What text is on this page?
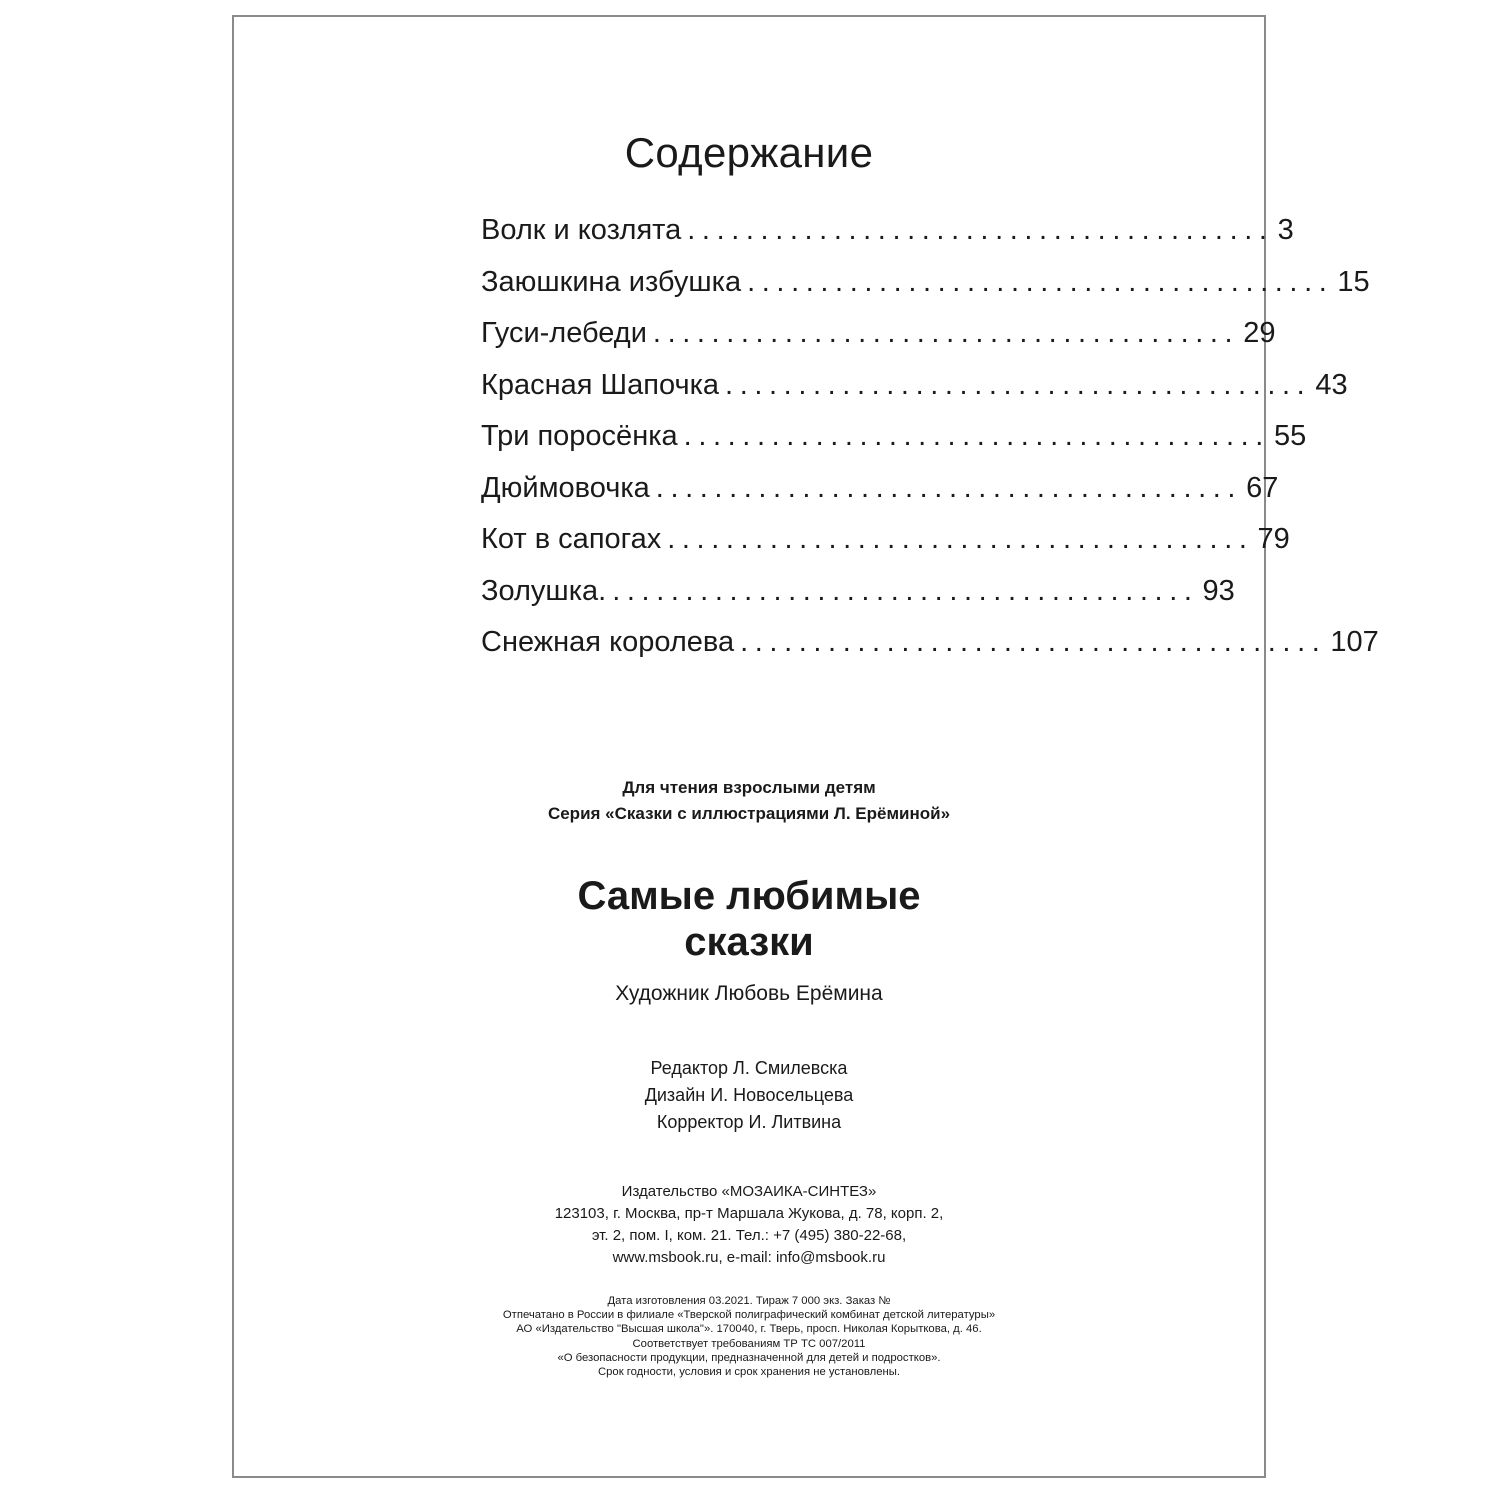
Содержание
Волк и козлята ........................................ 3
Заюшкина избушка ........................................ 15
Гуси-лебеди ........................................ 29
Красная Шапочка ........................................ 43
Три поросёнка ........................................ 55
Дюймовочка ........................................ 67
Кот в сапогах ........................................ 79
Золушка. ........................................ 93
Снежная королева ........................................ 107
Для чтения взрослыми детям
Серия «Сказки с иллюстрациями Л. Ерёминой»
Самые любимые
сказки
Художник Любовь Ерёмина
Редактор Л. Смилевска
Дизайн И. Новосельцева
Корректор И. Литвина
Издательство «МОЗАИКА-СИНТЕЗ»
123103, г. Москва, пр-т Маршала Жукова, д. 78, корп. 2,
эт. 2, пом. I, ком. 21. Тел.: +7 (495) 380-22-68,
www.msbook.ru, e-mail: info@msbook.ru
Дата изготовления 03.2021. Тираж 7 000 экз. Заказ №
Отпечатано в России в филиале «Тверской полиграфический комбинат детской литературы»
АО «Издательство "Высшая школа"». 170040, г. Тверь, просп. Николая Корыткова, д. 46.
Соответствует требованиям ТР ТС 007/2011
«О безопасности продукции, предназначенной для детей и подростков».
Срок годности, условия и срок хранения не установлены.
